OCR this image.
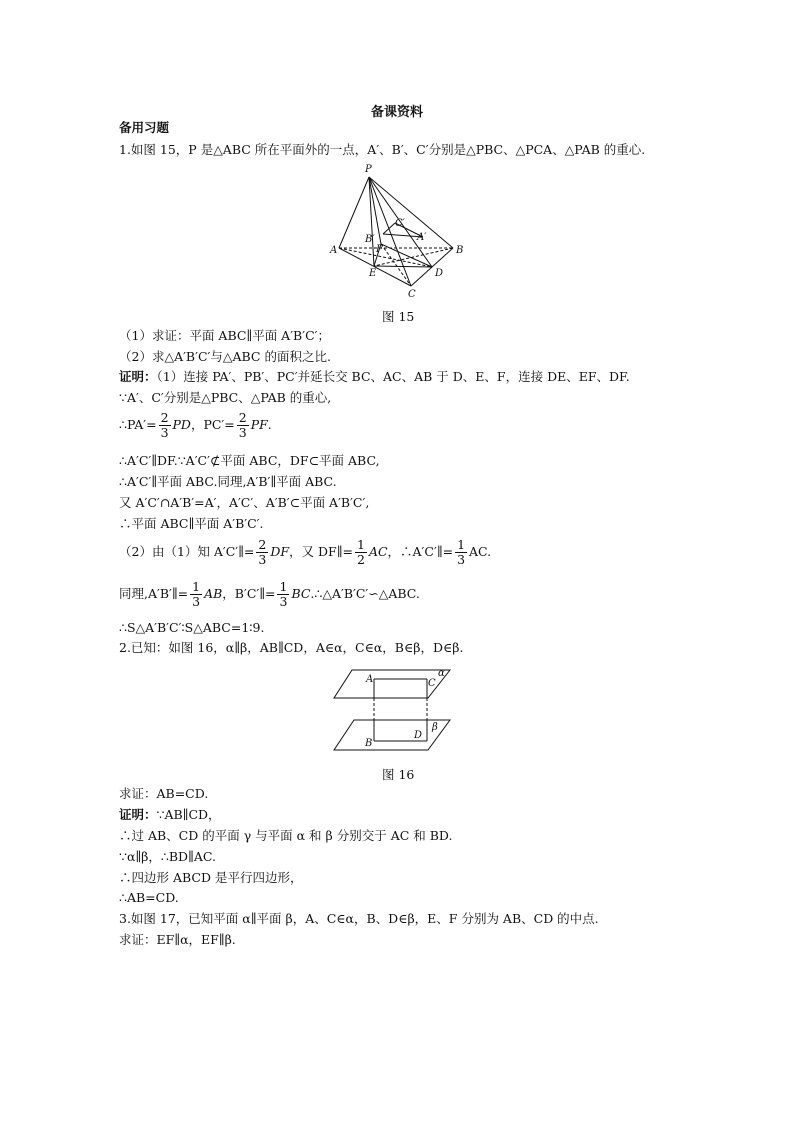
备课资料
备用习题
1.如图 15，P 是△ABC 所在平面外的一点，A′、B′、C′分别是△PBC、△PCA、△PAB 的重心.
P
A	B
C
D
E
F
A′
B′
C′
图 15
（1）求证：平面 ABC∥平面 A′B′C′；
（2）求△A′B′C′与△ABC 的面积之比.
证明：（1）连接 PA′、PB′、PC′并延长交 BC、AC、AB 于 D、E、F，连接 DE、EF、DF.
∵A′、C′分别是△PBC、△PAB 的重心,
∴PA′= $\frac{2}{3}$ PD，$PC'= \frac{2}{3}$ PF.
∴A′C′∥DF.∵A′C′⊄平面 ABC，DF⊂平面 ABC,
∴A′C′∥平面 ABC.同理,A′B′∥平面 ABC.
又 A′C′∩A′B′=A′，A′C′、A′B′⊂平面 A′B′C′,
∴平面 ABC∥平面 A′B′C′.
（2）由（1）知 A′C′∥= $\frac{2}{3}$ DF，又 DF∥= $\frac{1}{2}$ AC，∴A′C′∥= $\frac{1}{3}$ AC.
同理,A′B′∥= $\frac{1}{3}$ AB，B′C′∥= $\frac{1}{3}$ BC.∴△A′B′C′∽△ABC.
∴S△A′B′C′∶S△ABC=1∶9.
2.已知：如图 16，α∥β，AB∥CD，A∈α，C∈α，B∈β，D∈β.
A	C
α
B
D
β
图 16
求证：AB=CD.
证明：∵AB∥CD，
∴过 AB、CD 的平面 γ 与平面 α 和 β 分别交于 AC 和 BD.
∵α∥β，∴BD∥AC.
∴四边形 ABCD 是平行四边形，
∴AB=CD.
3.如图 17，已知平面 α∥平面 β，A、C∈α，B、D∈β，E、F 分别为 AB、CD 的中点.
求证：EF∥α，EF∥β.
